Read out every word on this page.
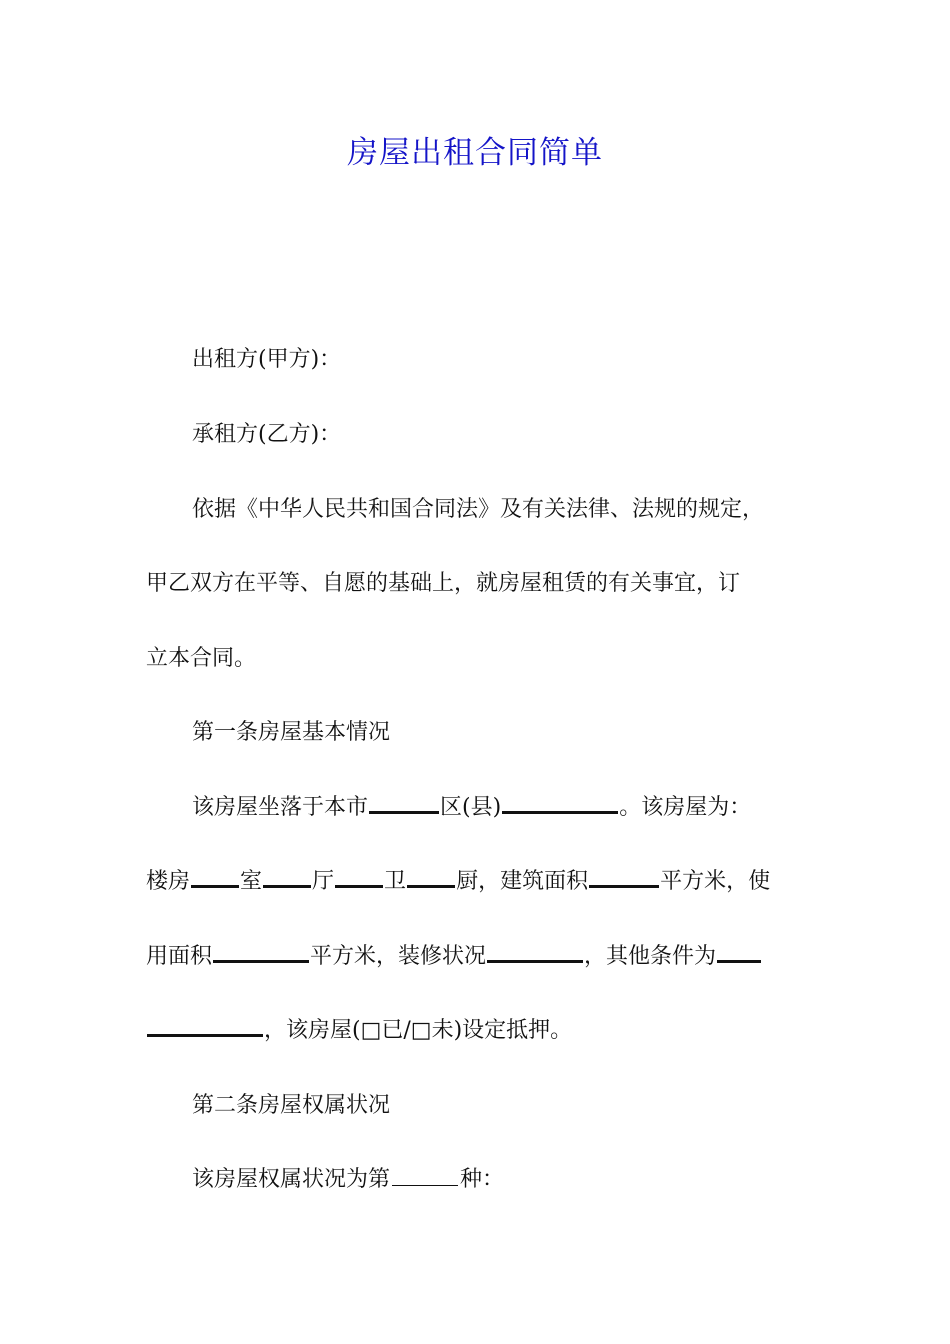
房屋出租合同简单

出租方(甲方)：

承租方(乙方)：

依据《中华人民共和国合同法》及有关法律、法规的规定，

甲乙双方在平等、自愿的基础上，就房屋租赁的有关事宜，订

立本合同。

第一条房屋基本情况

该房屋坐落于本市	区(县)	。该房屋为：

楼房 室 厅 卫 厨，建筑面积	平方米，使

用面积	平方米，装修状况	，其他条件为

，该房屋(□已/□未)设定抵押。

第二条房屋权属状况

该房屋权属状况为第	种：
